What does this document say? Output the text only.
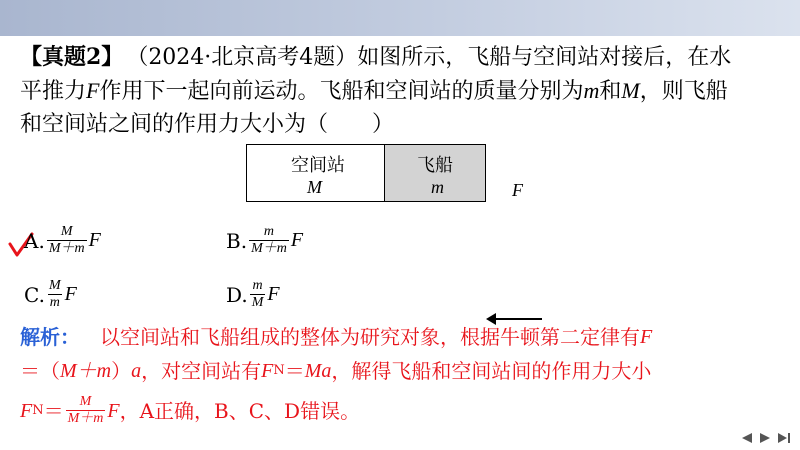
【真题2】 （2024·北京高考4题）如图所示，飞船与空间站对接后，在水
平推力F作用下一起向前运动。飞船和空间站的质量分别为m和M，则飞船
和空间站之间的作用力大小为（　　）
空间站
M
飞船
m	F
A. $\frac{M}{M+m}$ F	B. $\frac{m}{M+m}$ F
C. $\frac{M}{m}$ F	D. $\frac{m}{M}$ F
解析： 以空间站和飞船组成的整体为研究对象，根据牛顿第二定律有 F
＝（ M＋m ） a ，对空间站有 F N ＝ Ma ，解得飞船和空间站间的作用力大小
F $N = \frac{M}{M+m}$ F ，A正确，B、C、D错误。
